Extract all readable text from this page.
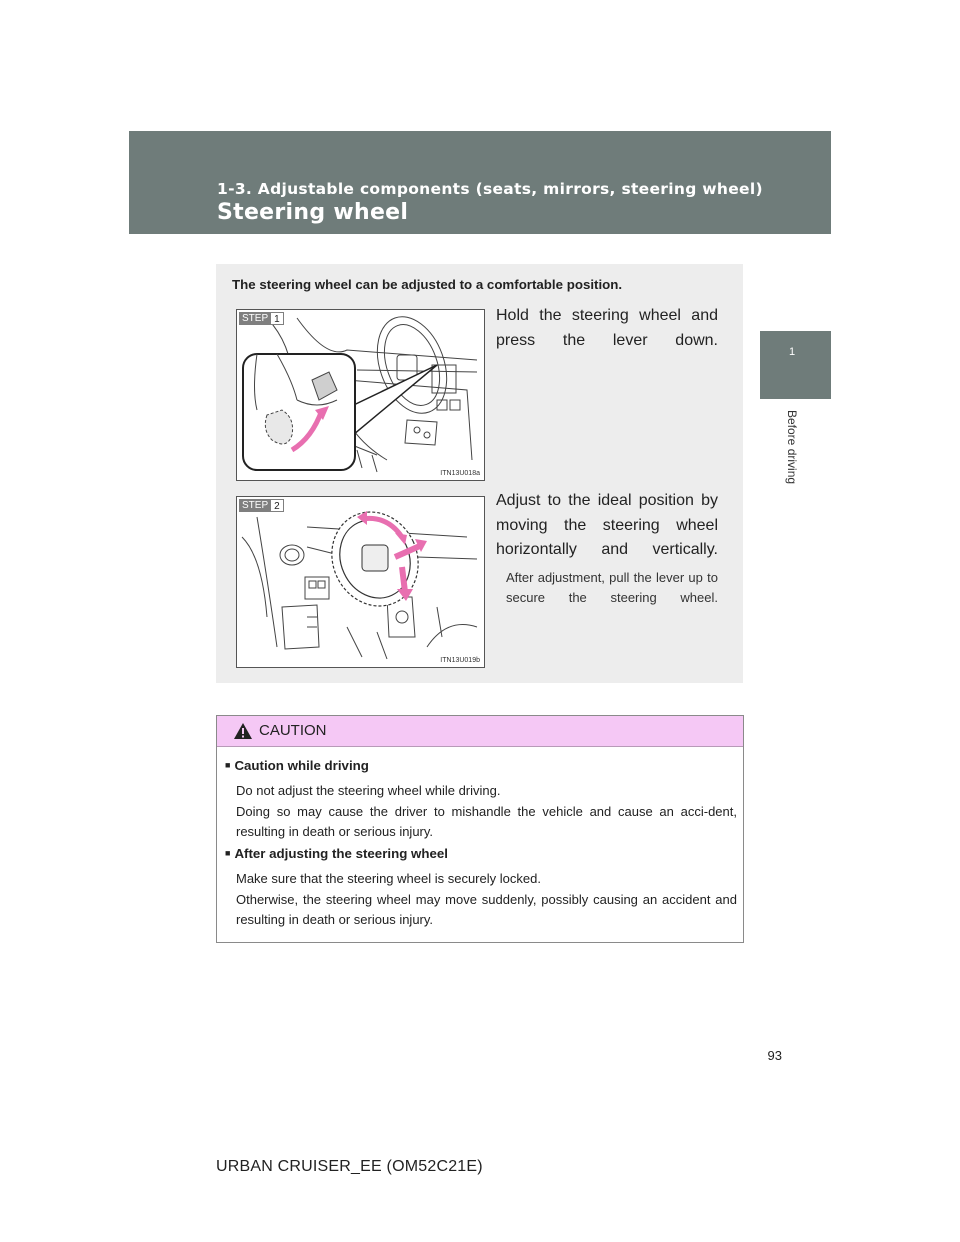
1-3. Adjustable components (seats, mirrors, steering wheel)
Steering wheel
1
Before driving
The steering wheel can be adjusted to a comfortable position.
STEP 1
ITN13U018a
Hold the steering wheel and press the lever down.
STEP 2
ITN13U019b
Adjust to the ideal position by moving the steering wheel horizontally and vertically.
After adjustment, pull the lever up to secure the steering wheel.
CAUTION
■ Caution while driving
Do not adjust the steering wheel while driving.
Doing so may cause the driver to mishandle the vehicle and cause an acci-dent, resulting in death or serious injury.
■ After adjusting the steering wheel
Make sure that the steering wheel is securely locked.
Otherwise, the steering wheel may move suddenly, possibly causing an accident and resulting in death or serious injury.
93
URBAN CRUISER_EE (OM52C21E)
